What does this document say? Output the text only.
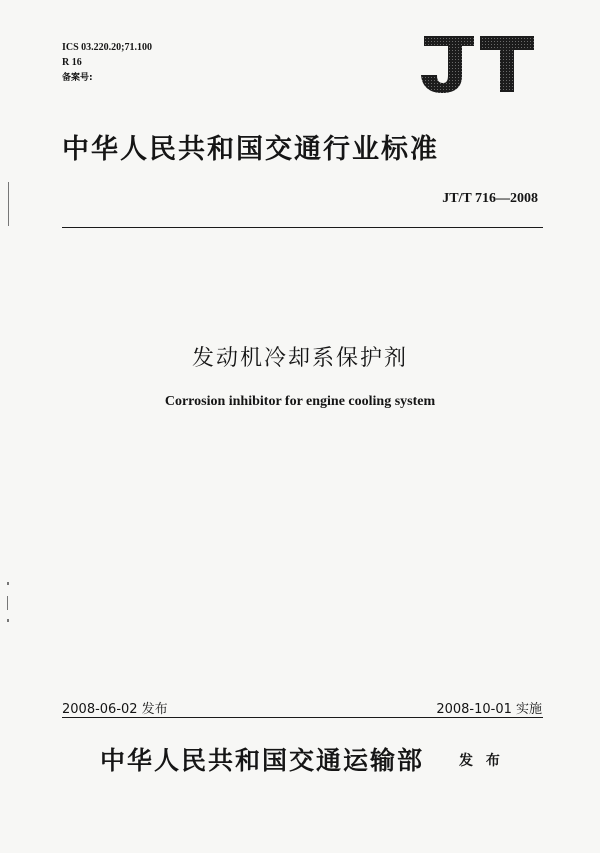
ICS 03.220.20;71.100
R 16
备案号:
中华人民共和国交通行业标准
JT/T 716—2008
发动机冷却系保护剂
Corrosion inhibitor for engine cooling system
2008-06-02 发布	2008-10-01 实施
中华人民共和国交通运输部 发 布
